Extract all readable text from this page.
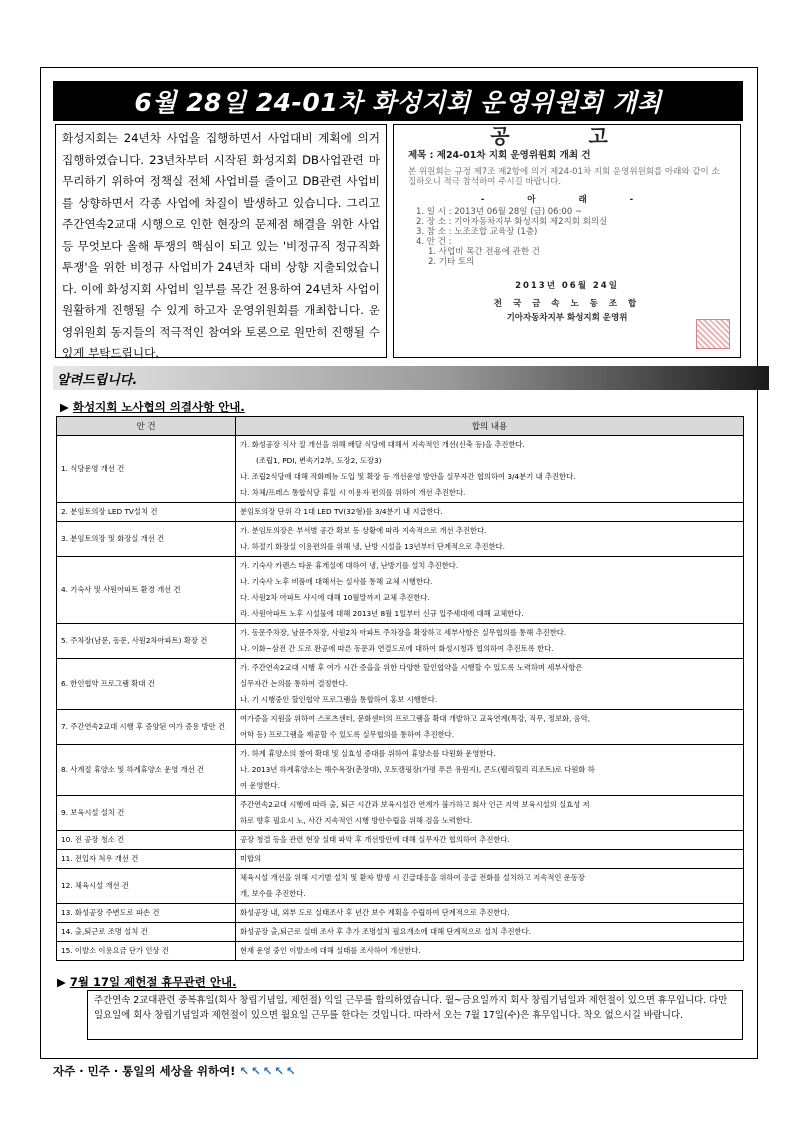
6월 28일 24-01차 화성지회 운영위원회 개최
화성지회는 24년차 사업을 집행하면서 사업대비 계획에 의거 집행하였습니다. 23년차부터 시작된 화성지회 DB사업관련 마무리하기 위하여 정책실 전체 사업비를 줄이고 DB관련 사업비를 상향하면서 각종 사업에 차질이 발생하고 있습니다. 그리고 주간연속2교대 시행으로 인한 현장의 문제점 해결을 위한 사업 등 무엇보다 올해 투쟁의 핵심이 되고 있는 '비정규직 정규직화 투쟁'을 위한 비정규 사업비가 24년차 대비 상향 지출되었습니다. 이에 화성지회 사업비 일부를 목간 전용하여 24년차 사업이 원활하게 진행될 수 있게 하고자 운영위원회를 개최합니다. 운영위원회 동지들의 적극적인 참여와 토론으로 원만히 진행될 수 있게 부탁드립니다.
공 고
제목 : 제24-01차 지회 운영위원회 개최 건
본 위원회는 규정 제7조 제2항에 의거 제24-01차 지회 운영위원회를 아래와 같이 소집하오니 적극 참석하여 주시길 바랍니다.
- 아 래 -
1. 일 시 : 2013년 06월 28일 (금) 06:00 ~
2. 장 소 : 기아자동차지부 화성지회 제2지회 회의실
3. 참 소 : 노조조합 교육장 (1층)
4. 안 건 :
1. 사업비 목간 전용에 관한 건
2. 기타 토의
2013년 06월 24일
전 국 금 속 노 동 조 합
기아자동차지부 화성지회 운영위
알려드립니다.
▶ 화성지회 노사협의 의결사항 안내.
안 건	합의 내용
1. 식당운영 개선 건	가. 화성공장 식사 질 개선을 위해 배달 식당에 대해서 지속적인 개선(신축 등)을 추진한다.
(조립1, PDI, 변속기2부, 도장2, 도장3)
나. 조립2식당에 대해 작화메뉴 도입 및 확장 등 개선운영 방안을 실무자간 협의하여 3/4분기 내 추진한다.
다. 차체/프레스 통합식당 휴일 시 이용자 편의를 위하여 개선 추진한다.

2. 분임토의장 LED TV설치 건	분임토의장 단위 각 1대 LED TV(32형)를 3/4분기 내 지급한다.

3. 분임토의장 및 화장실 개선 건	가. 분임토의장은 부서별 공간 확보 등 상황에 따라 지속적으로 개선 추진한다.
나. 하절기 화장실 이용편의를 위해 냉, 난방 시설을 13년부터 단계적으로 추진한다.

4. 기숙사 및 사원아파트 환경 개선 건	가. 기숙사 카렌스 타운 휴게실에 대하여 냉, 난방기를 설치 추진한다.
나. 기숙사 노후 비품에 대해서는 실사를 통해 교체 시행한다.
다. 사원2차 아파트 샤시에 대해 10월말까지 교체 추진한다.
라. 사원아파트 노후 시설물에 대해 2013년 8월 1일부터 신규 입주세대에 대해 교체한다.

5. 주차장(남문, 동문, 사원2차아파트) 확장 건	가. 동문주차장, 남문주차장, 사원2차 아파트 주차장을 확장하고 세부사항은 실무협의를 통해 추진한다.
나. 이화~삼전 간 도로 완공에 따른 동문과 연결도로에 대하여 화성시청과 협의하여 추진토록 한다.

6. 한인협약 프로그램 확대 건	가. 주간연속2교대 시행 후 여가 시간 증을을 위한 다양한 할인협약을 시행할 수 있도록 노력하며 세부사항은
실무자간 논의를 통하여 결정한다.
나. 기 시행중인 할인협약 프로그램을 통합하여 홍보 시행한다.

7. 주간연속2교대 시행 후 증양된 여가 증용 방안 건	여가증을 지원을 위하여 스포츠센터, 문화센터의 프로그램을 확대 개발하고 교육연계(특강, 직무, 정보화, 음악,
어학 등) 프로그램을 제공할 수 있도록 실무협의를 통하여 추진한다.

8. 사계절 휴양소 및 하계휴양소 운영 개선 건	가. 하계 휴양소의 참여 확대 및 실효성 증대를 위하여 휴양소를 다원화 운영한다.
나. 2013년 하계휴양소는 해수욕장(춘장대), 오토캠핑장(가평 푸른 유원지), 콘도(웰리힐리 리조트)로 다원화 하
여 운영한다.

9. 보육시설 설치 건	주간연속2교대 시행에 따라 출, 퇴근 시간과 보육시설간 연계가 불가하고 회사 인근 지역 보육시설의 실효성 저
하로 향후 필요시 노, 사간 지속적인 시행 방안수립을 위해 검을 노력한다.

10. 전 공장 청소 건	공장 청결 등을 관련 현장 실태 파악 후 개선방안에 대해 실무자간 협의하여 추진한다.

11. 전입자 처우 개선 건	미합의

12. 체육시설 개선 건	체육시설 개선을 위해 시기별 설치 및 환자 발생 시 긴급대응을 위하여 응급 전화를 설치하고 지속적인 운동장
개, 보수를 추진한다.

13. 화성공장 주변도로 파손 건	화성공장 내, 외부 도로 실태조사 후 년간 보수 계획을 수립하여 단계적으로 추진한다.

14. 출,퇴근로 조명 설치 건	화성공장 출,퇴근로 실태 조사 후 추가 조명설치 필요개소에 대해 단계적으로 설치 추진한다.

15. 이발소 이용요금 단가 인상 건	현재 운영 중인 이발소에 대해 실태를 조사하여 개선한다.
▶ 7월 17일 제헌절 휴무관련 안내.
주간연속 2교대관련 중복휴일(회사 창립기념일, 제헌절) 익일 근무를 합의하였습니다. 월~금요일까지 회사 창립기념일과 제헌절이 있으면 휴무입니다. 다만 일요일에 회사 창립기념일과 제헌절이 있으면 월요일 근무를 한다는 것입니다. 따라서 오는 7월 17일(수)은 휴무입니다. 착오 없으시길 바랍니다.
자주 · 민주 · 통일의 세상을 위하여! ↖↖↖↖↖
